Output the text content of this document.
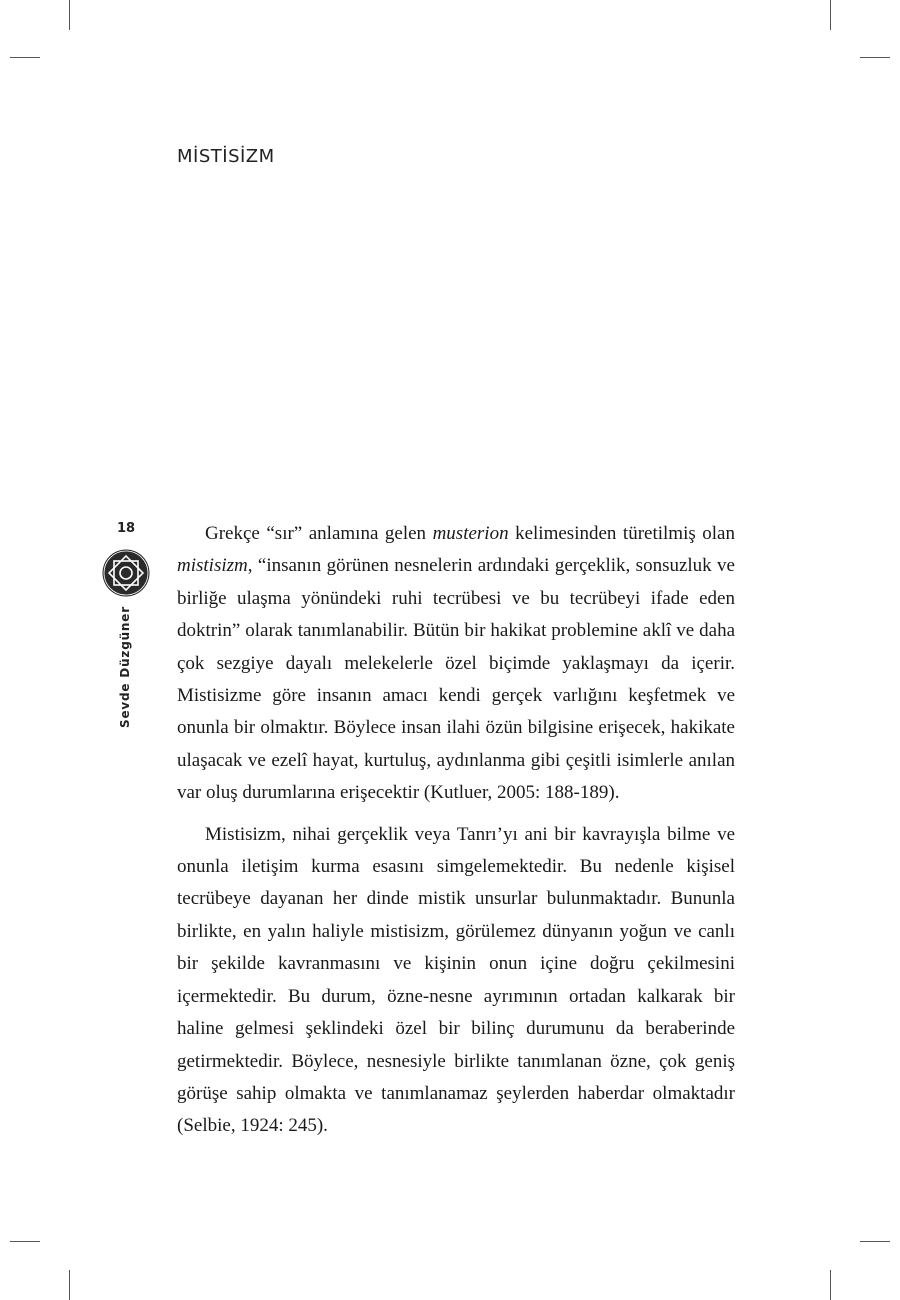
MİSTİSİZM
18
Sevde Düzgüner

Grekçe “sır” anlamına gelen musterion kelimesinden türetilmiş olan mistisizm, “insanın görünen nesnelerin ardındaki gerçeklik, sonsuzluk ve birliğe ulaşma yönündeki ruhi tecrübesi ve bu tecrübeyi ifade eden doktrin” olarak tanımlanabilir. Bütün bir hakikat problemine aklî ve daha çok sezgiye dayalı melekelerle özel biçimde yaklaşmayı da içerir. Mistisizme göre insanın amacı kendi gerçek varlığını keşfetmek ve onunla bir olmaktır. Böylece insan ilahi özün bilgisine erişecek, hakikate ulaşacak ve ezelî hayat, kurtuluş, aydınlanma gibi çeşitli isimlerle anılan var oluş durumlarına erişecektir (Kutluer, 2005: 188-189).

Mistisizm, nihai gerçeklik veya Tanrı’yı ani bir kavrayışla bilme ve onunla iletişim kurma esasını simgelemektedir. Bu nedenle kişisel tecrübeye dayanan her dinde mistik unsurlar bulunmaktadır. Bununla birlikte, en yalın haliyle mistisizm, görülemez dünyanın yoğun ve canlı bir şekilde kavranmasını ve kişinin onun içine doğru çekilmesini içermektedir. Bu durum, özne-nesne ayrımının ortadan kalkarak bir haline gelmesi şeklindeki özel bir bilinç durumunu da beraberinde getirmektedir. Böylece, nesnesiyle birlikte tanımlanan özne, çok geniş görüşe sahip olmakta ve tanımlanamaz şeylerden haberdar olmaktadır (Selbie, 1924: 245).
